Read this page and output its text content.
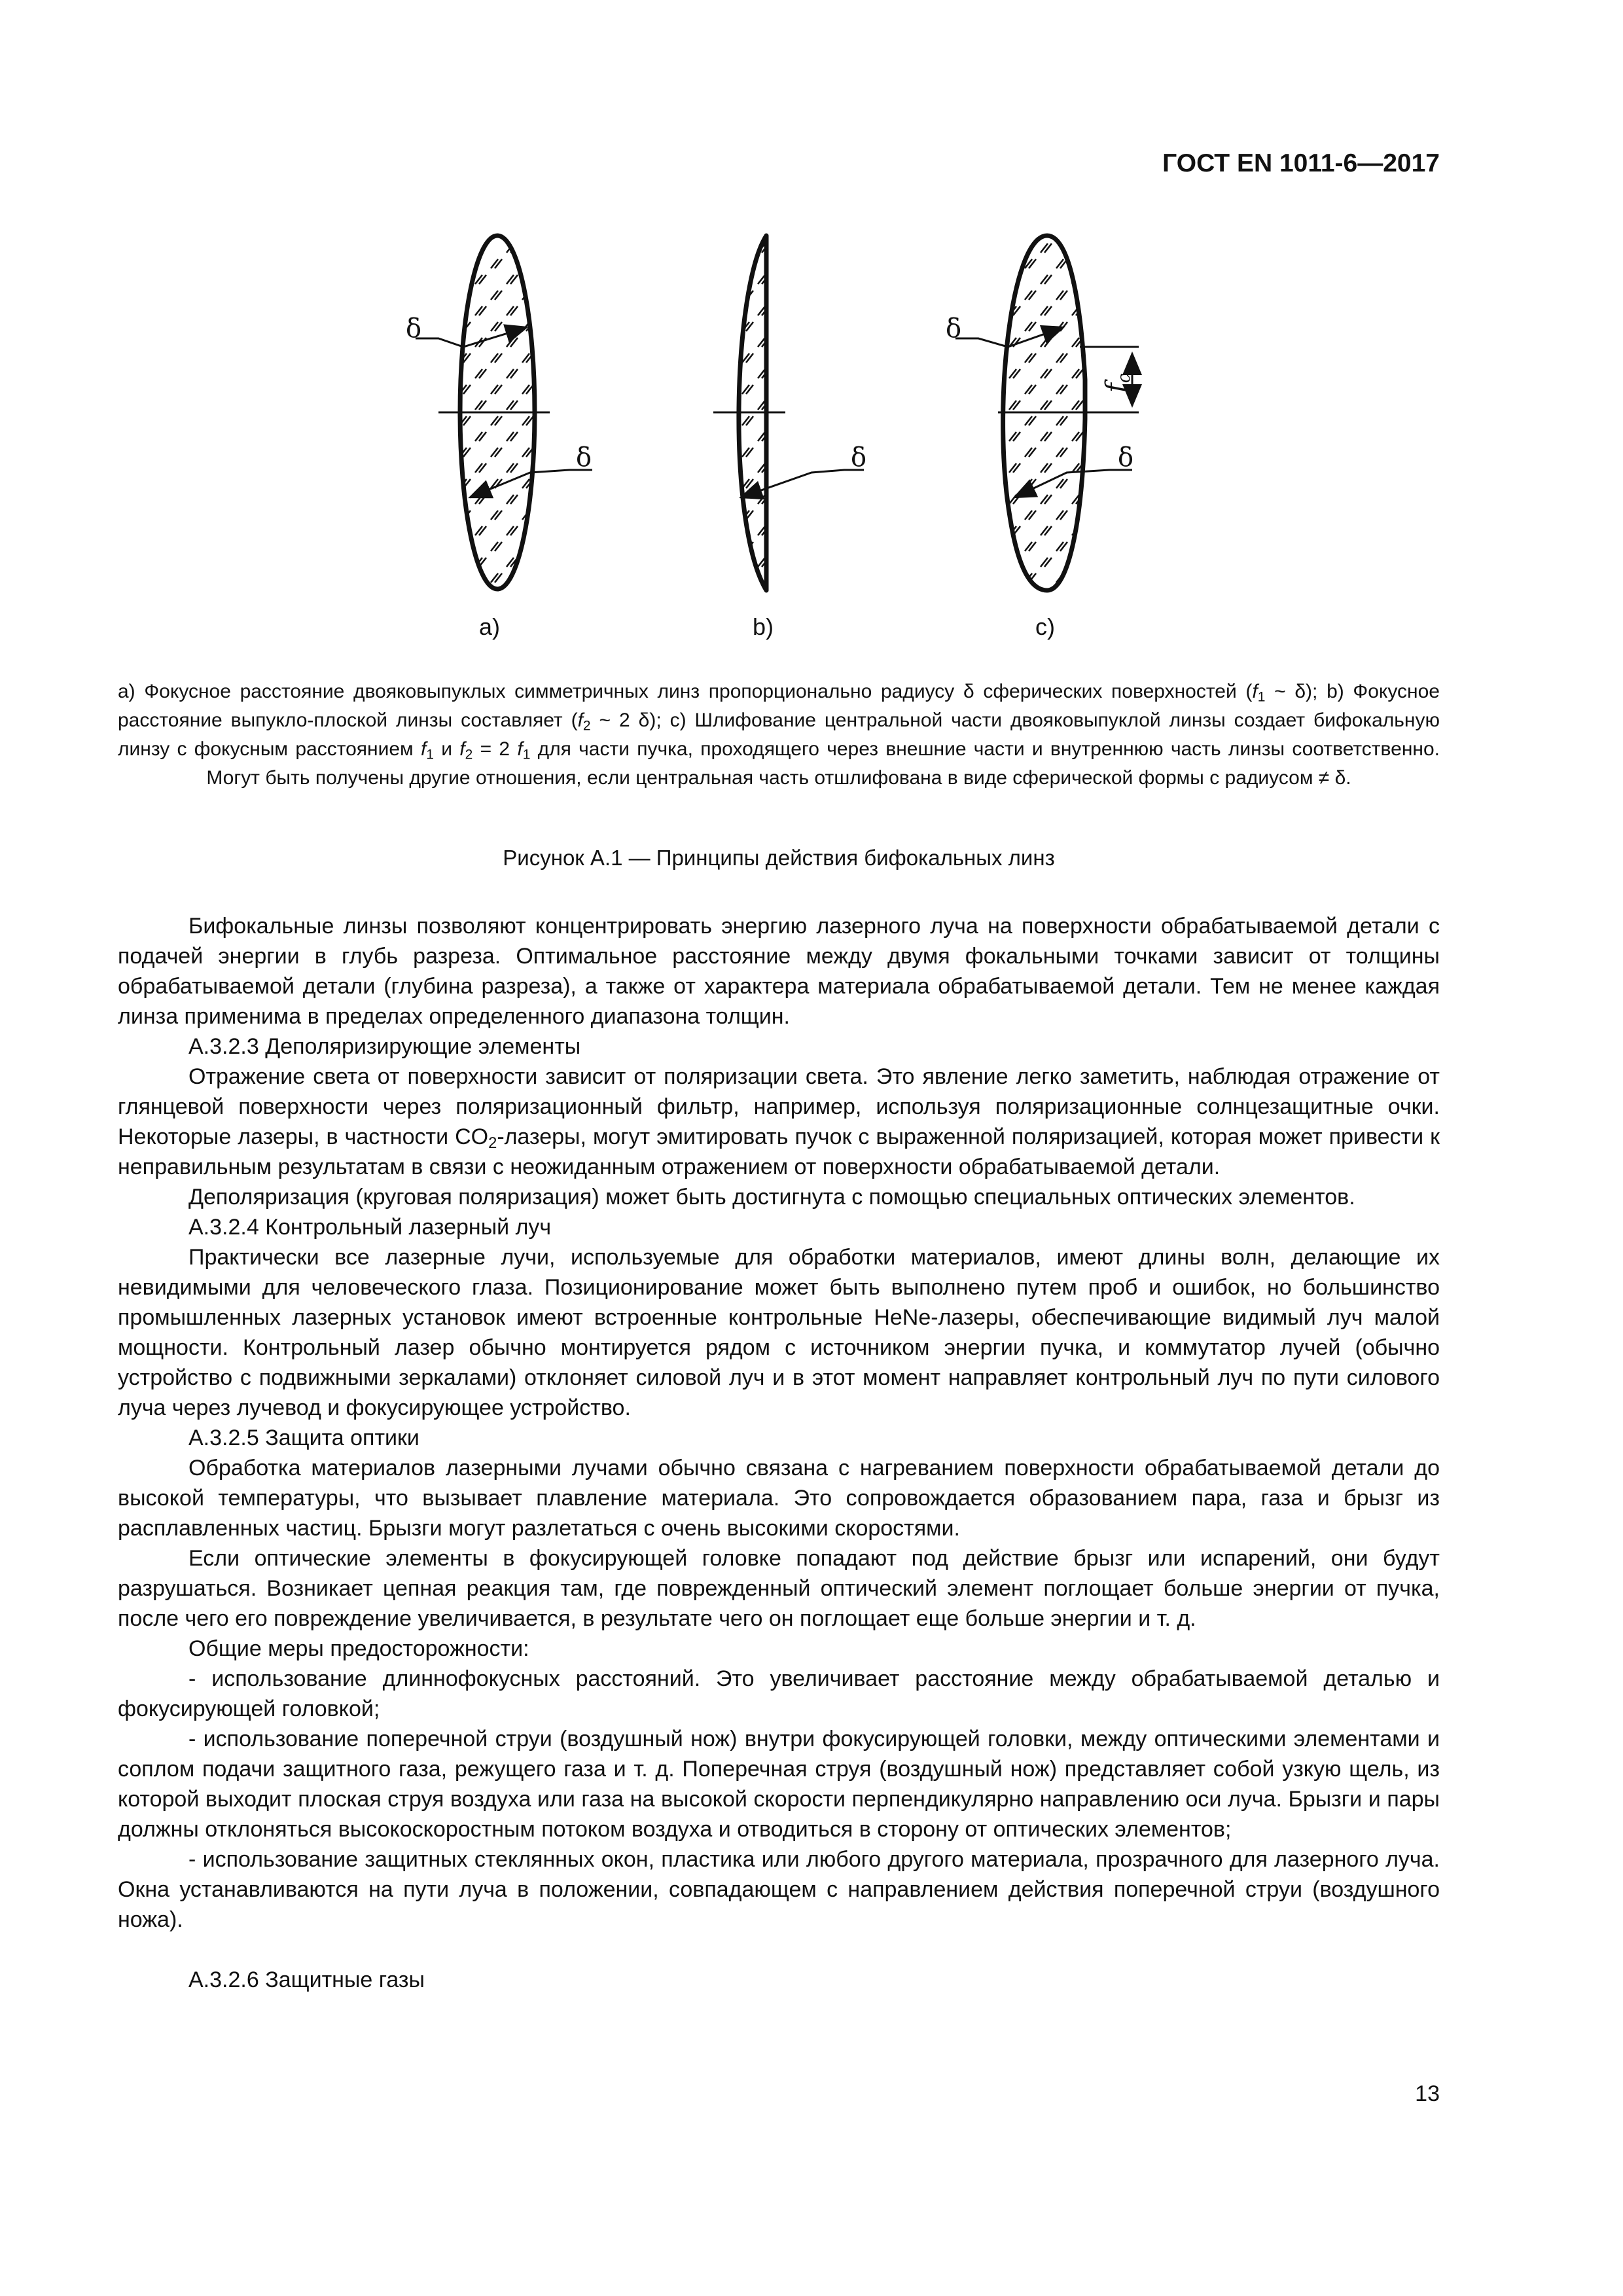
ГОСТ EN 1011-6—2017
δ
δ	δ
δ
δ
$f_c$
a)	b)	c)
a) Фокусное расстояние двояковыпуклых симметричных линз пропорционально радиусу δ сферических поверхностей ($f_1$ ~ δ); b) Фокусное расстояние выпукло-плоской линзы составляет ($f_2$ ~ 2 δ); c) Шлифование центральной части двояковыпуклой линзы создает бифокальную линзу с фокусным расстоянием $f_1$ и $f_2 = 2$ $f_1$ для части пучка, проходящего через внешние части и внутреннюю часть линзы соответственно. Могут быть получены другие отношения, если центральная часть отшлифована в виде сферической формы с радиусом ≠ δ.
Рисунок А.1 — Принципы действия бифокальных линз

Бифокальные линзы позволяют концентрировать энергию лазерного луча на поверхности обрабатываемой детали с подачей энергии в глубь разреза. Оптимальное расстояние между двумя фокальными точками зависит от толщины обрабатываемой детали (глубина разреза), а также от характера материала обрабатываемой детали. Тем не менее каждая линза применима в пределах определенного диапазона толщин.

А.3.2.3 Деполяризирующие элементы

Отражение света от поверхности зависит от поляризации света. Это явление легко заметить, наблюдая отражение от глянцевой поверхности через поляризационный фильтр, например, используя поляризационные солнцезащитные очки. Некоторые лазеры, в частности $CO_2$-лазеры, могут эмитировать пучок с выраженной поляризацией, которая может привести к неправильным результатам в связи с неожиданным отражением от поверхности обрабатываемой детали.

Деполяризация (круговая поляризация) может быть достигнута с помощью специальных оптических элементов.

А.3.2.4 Контрольный лазерный луч

Практически все лазерные лучи, используемые для обработки материалов, имеют длины волн, делающие их невидимыми для человеческого глаза. Позиционирование может быть выполнено путем проб и ошибок, но большинство промышленных лазерных установок имеют встроенные контрольные HeNe-лазеры, обеспечивающие видимый луч малой мощности. Контрольный лазер обычно монтируется рядом с источником энергии пучка, и коммутатор лучей (обычно устройство с подвижными зеркалами) отклоняет силовой луч и в этот момент направляет контрольный луч по пути силового луча через лучевод и фокусирующее устройство.

А.3.2.5 Защита оптики

Обработка материалов лазерными лучами обычно связана с нагреванием поверхности обрабатываемой детали до высокой температуры, что вызывает плавление материала. Это сопровождается образованием пара, газа и брызг из расплавленных частиц. Брызги могут разлетаться с очень высокими скоростями.

Если оптические элементы в фокусирующей головке попадают под действие брызг или испарений, они будут разрушаться. Возникает цепная реакция там, где поврежденный оптический элемент поглощает больше энергии от пучка, после чего его повреждение увеличивается, в результате чего он поглощает еще больше энергии и т. д.

Общие меры предосторожности:

- использование длиннофокусных расстояний. Это увеличивает расстояние между обрабатываемой деталью и фокусирующей головкой;

- использование поперечной струи (воздушный нож) внутри фокусирующей головки, между оптическими элементами и соплом подачи защитного газа, режущего газа и т. д. Поперечная струя (воздушный нож) представляет собой узкую щель, из которой выходит плоская струя воздуха или газа на высокой скорости перпендикулярно направлению оси луча. Брызги и пары должны отклоняться высокоскоростным потоком воздуха и отводиться в сторону от оптических элементов;

- использование защитных стеклянных окон, пластика или любого другого материала, прозрачного для лазерного луча. Окна устанавливаются на пути луча в положении, совпадающем с направлением действия поперечной струи (воздушного ножа).

А.3.2.6 Защитные газы

13
